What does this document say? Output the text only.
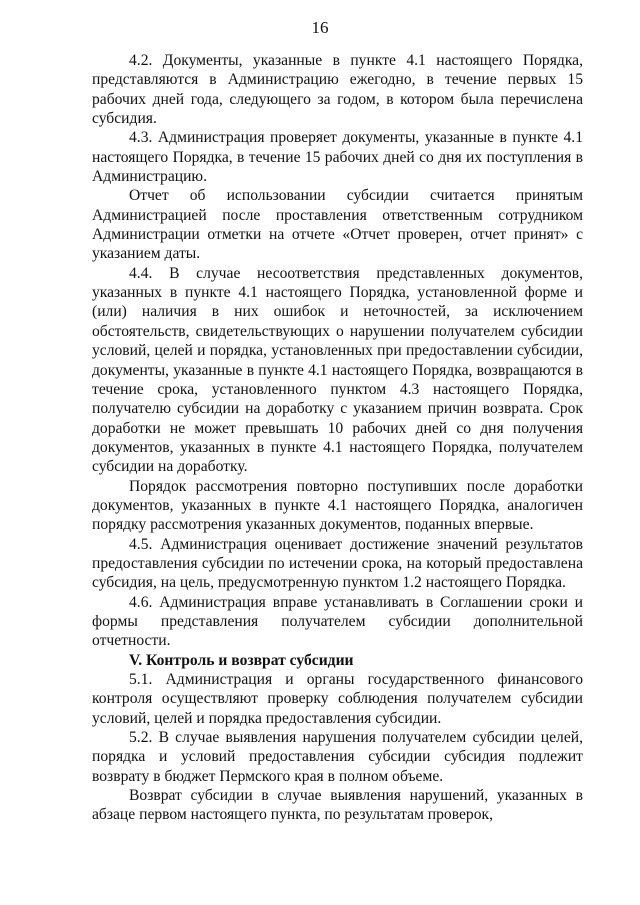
16

4.2. Документы, указанные в пункте 4.1 настоящего Порядка, представляются в Администрацию ежегодно, в течение первых 15 рабочих дней года, следующего за годом, в котором была перечислена субсидия.

4.3. Администрация проверяет документы, указанные в пункте 4.1 настоящего Порядка, в течение 15 рабочих дней со дня их поступления в Администрацию.

Отчет об использовании субсидии считается принятым Администрацией после проставления ответственным сотрудником Администрации отметки на отчете «Отчет проверен, отчет принят» с указанием даты.

4.4. В случае несоответствия представленных документов, указанных в пункте 4.1 настоящего Порядка, установленной форме и (или) наличия в них ошибок и неточностей, за исключением обстоятельств, свидетельствующих о нарушении получателем субсидии условий, целей и порядка, установленных при предоставлении субсидии, документы, указанные в пункте 4.1 настоящего Порядка, возвращаются в течение срока, установленного пунктом 4.3 настоящего Порядка, получателю субсидии на доработку с указанием причин возврата. Срок доработки не может превышать 10 рабочих дней со дня получения документов, указанных в пункте 4.1 настоящего Порядка, получателем субсидии на доработку.

Порядок рассмотрения повторно поступивших после доработки документов, указанных в пункте 4.1 настоящего Порядка, аналогичен порядку рассмотрения указанных документов, поданных впервые.

4.5. Администрация оценивает достижение значений результатов предоставления субсидии по истечении срока, на который предоставлена субсидия, на цель, предусмотренную пунктом 1.2 настоящего Порядка.

4.6. Администрация вправе устанавливать в Соглашении сроки и формы представления получателем субсидии дополнительной отчетности.

V. Контроль и возврат субсидии

5.1. Администрация и органы государственного финансового контроля осуществляют проверку соблюдения получателем субсидии условий, целей и порядка предоставления субсидии.

5.2. В случае выявления нарушения получателем субсидии целей, порядка и условий предоставления субсидии субсидия подлежит возврату в бюджет Пермского края в полном объеме.

Возврат субсидии в случае выявления нарушений, указанных в абзаце первом настоящего пункта, по результатам проверок,
